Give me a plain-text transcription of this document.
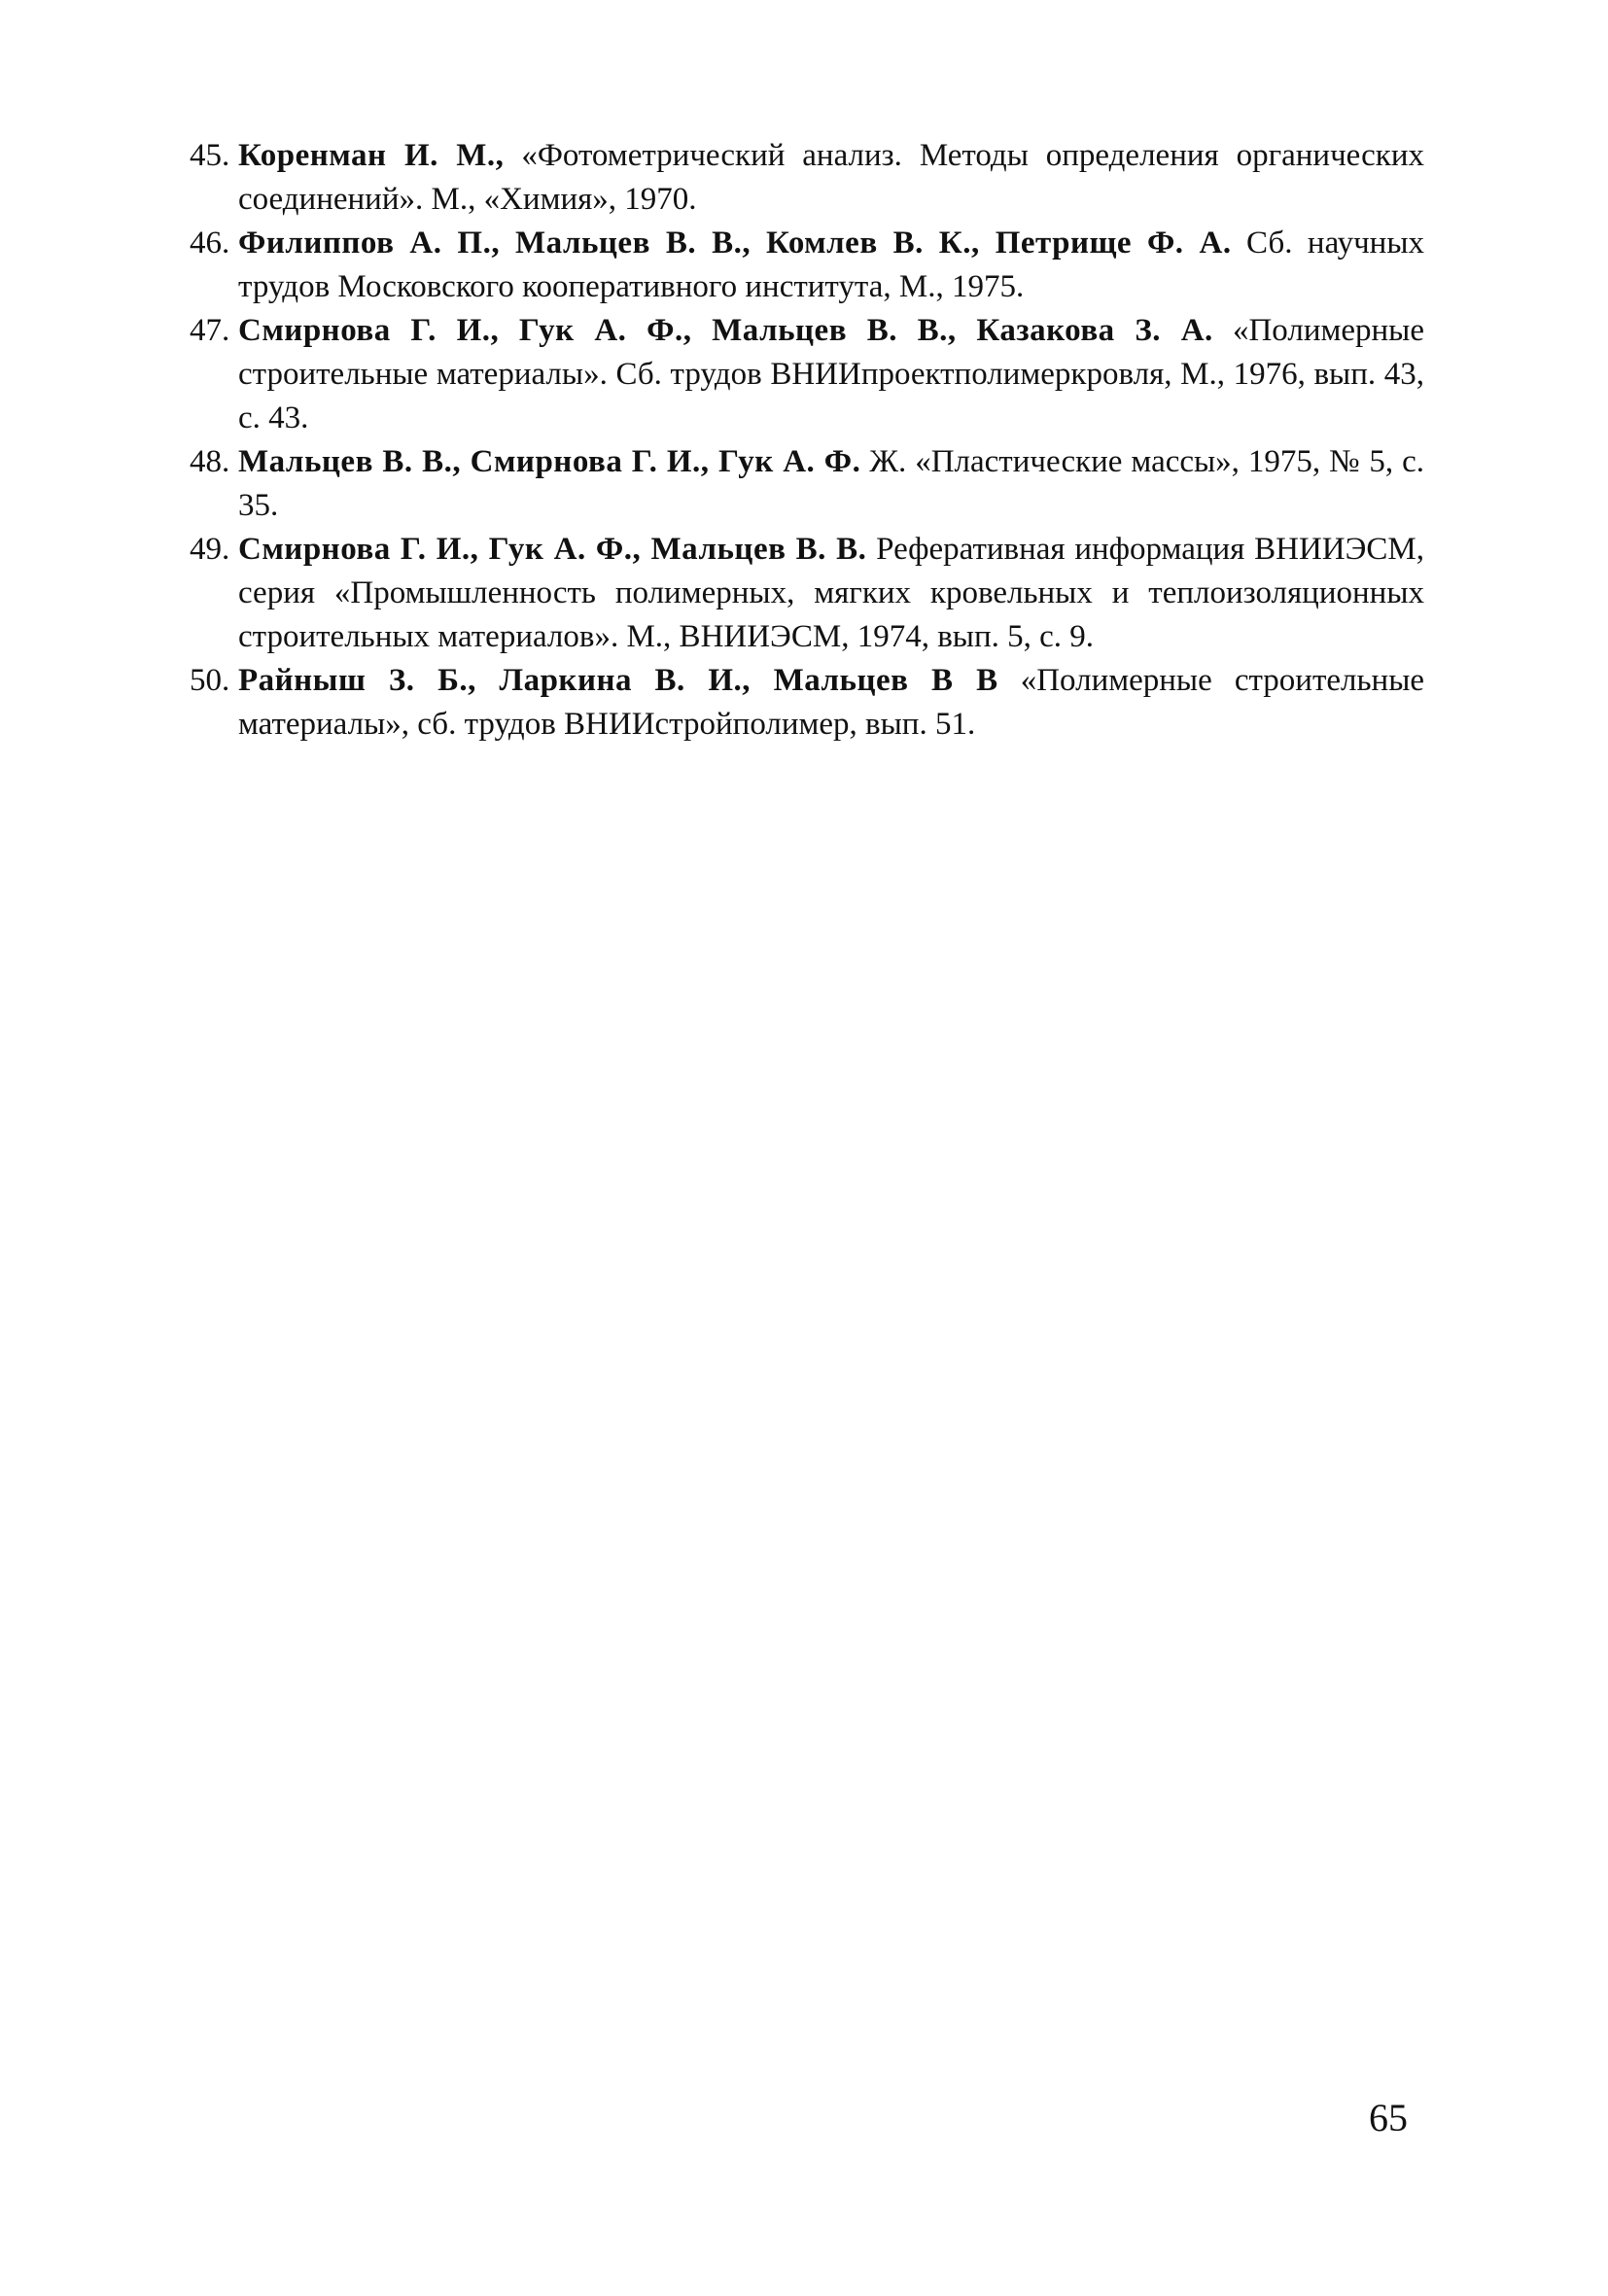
45. Коренман И. М., «Фотометрический анализ. Методы определения органических соединений». М., «Химия», 1970.
46. Филиппов А. П., Мальцев В. В., Комлев В. К., Петрище Ф. А. Сб. научных трудов Московского кооперативного института, М., 1975.
47. Смирнова Г. И., Гук А. Ф., Мальцев В. В., Казакова З. А. «Полимерные строительные материалы». Сб. трудов ВНИИпроектполимеркровля, М., 1976, вып. 43, с. 43.
48. Мальцев В. В., Смирнова Г. И., Гук А. Ф. Ж. «Пластические массы», 1975, № 5, с. 35.
49. Смирнова Г. И., Гук А. Ф., Мальцев В. В. Реферативная информация ВНИИЭСМ, серия «Промышленность полимерных, мягких кровельных и теплоизоляционных строительных материалов». М., ВНИИЭСМ, 1974, вып. 5, с. 9.
50. Райныш З. Б., Ларкина В. И., Мальцев В В «Полимерные строительные материалы», сб. трудов ВНИИстройполимер, вып. 51.
65
